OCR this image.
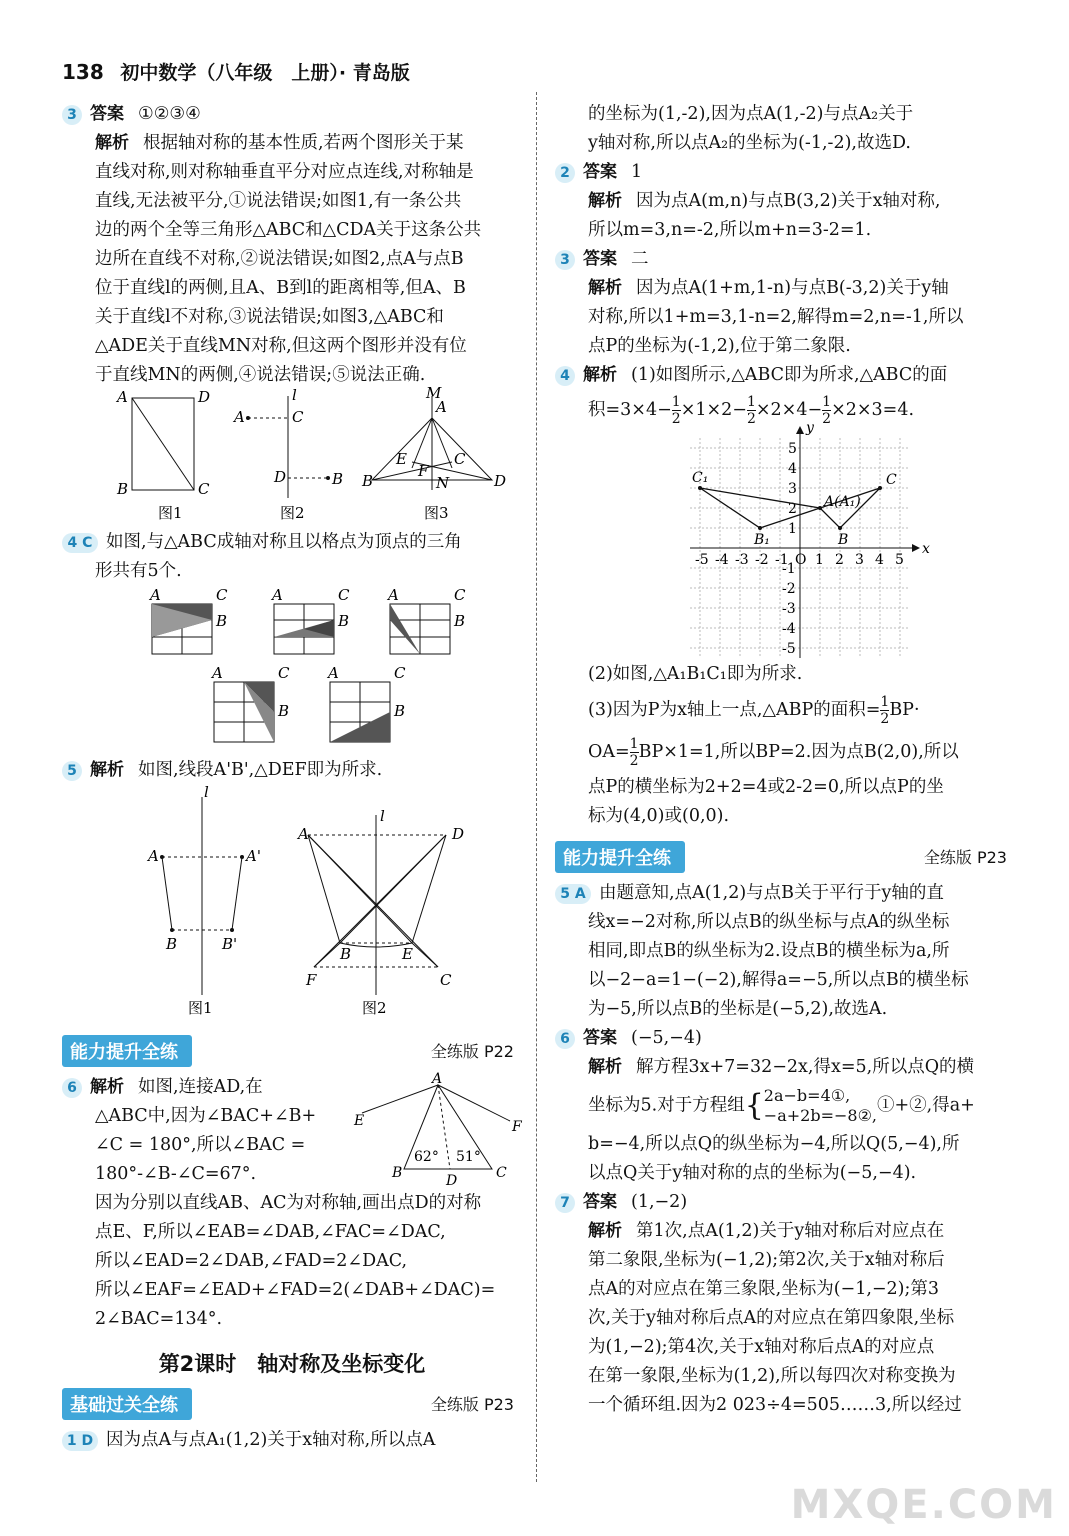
138 初中数学（八年级　上册）· 青岛版

3 答案 ①②③④

解析 根据轴对称的基本性质,若两个图形关于某

直线对称,则对称轴垂直平分对应点连线,对称轴是

直线,无法被平分,①说法错误;如图1,有一条公共

边的两个全等三角形△ABC和△CDA关于这条公共

边所在直线不对称,②说法错误;如图2,点A与点B

位于直线l的两侧,且A、B到l的距离相等,但A、B

关于直线l不对称,③说法错误;如图3,△ABC和

△ADE关于直线MN对称,但这两个图形并没有位

于直线MN的两侧,④说法错误;⑤说法正确.

A	D
B	C
l
A	C
D	B
M
A
B	D
E	C
F
N
图1	图2	图3

4 C 如图,与△ABC成轴对称且以格点为顶点的三角

形共有5个.

A	C
B
A	C
B
A	C
B
A	C
B
A	C
B

5 解析 如图,线段A'B',△DEF即为所求.

l
A	A'
B	B'
图1
l
A	D
B	E
F	C
图2
能力提升全练	全练版 P22

6 解析 如图,连接AD,在

△ABC中,因为∠BAC+∠B+

∠C = 180°,所以∠BAC =

180°-∠B-∠C=67°.

A
E	F
B	C
D
62° 51°

因为分别以直线AB、AC为对称轴,画出点D的对称

点E、F,所以∠EAB=∠DAB,∠FAC=∠DAC,

所以∠EAD=2∠DAB,∠FAD=2∠DAC,

所以∠EAF=∠EAD+∠FAD=2(∠DAB+∠DAC)=

2∠BAC=134°.

第2课时　轴对称及坐标变化
基础过关全练	全练版 P23

1 D 因为点A与点A₁(1,2)关于x轴对称,所以点A

的坐标为(1,-2),因为点A(1,-2)与点A₂关于

y轴对称,所以点A₂的坐标为(-1,-2),故选D.

2 答案 1

解析 因为点A(m,n)与点B(3,2)关于x轴对称,

所以m=3,n=-2,所以m+n=3-2=1.

3 答案 二

解析 因为点A(1+m,1-n)与点B(-3,2)关于y轴

对称,所以1+m=3,1-n=2,解得m=2,n=-1,所以

点P的坐标为(-1,2),位于第二象限.

4 解析 (1)如图所示,△ABC即为所求,△ABC的面

积$=3\times 4- \frac{1}{2} \times 1\times 2- \frac{1}{2} \times 2\times 4- \frac{1}{2} \times 2\times 3=4$.

x
y
-5 -4 -3 -2 -1 O 1 2 3 4 5
5
4
3
2
1
-1
-2
-3
-4
-5
C₁
B₁
A(A₁)
B
C

(2)如图,△A₁B₁C₁即为所求.

(3)因为P为x轴上一点,△ABP的面积= $\frac{1}{2} BP\cdot$

$OA= \frac{1}{2} BP\times 1=1$,所以BP=2.因为点B(2,0),所以

点P的横坐标为2+2=4或2-2=0,所以点P的坐

标为(4,0)或(0,0).

能力提升全练	全练版 P23

5 A 由题意知,点A(1,2)与点B关于平行于y轴的直

线x=−2对称,所以点B的纵坐标与点A的纵坐标

相同,即点B的纵坐标为2.设点B的横坐标为a,所

以−2−a=1−(−2),解得a=−5,所以点B的横坐标

为−5,所以点B的坐标是(−5,2),故选A.

6 答案 (−5,−4)

解析 解方程3x+7=32−2x,得x=5,所以点Q的横

坐标为5.对于方程组{ 2a−b=4①,
−a+2b=−8②, ①+②,得a+

b=−4,所以点Q的纵坐标为−4,所以Q(5,−4),所

以点Q关于y轴对称的点的坐标为(−5,−4).

7 答案 (1,−2)

解析 第1次,点A(1,2)关于y轴对称后对应点在

第二象限,坐标为(−1,2);第2次,关于x轴对称后

点A的对应点在第三象限,坐标为(−1,−2);第3

次,关于y轴对称后点A的对应点在第四象限,坐标

为(1,−2);第4次,关于x轴对称后点A的对应点

在第一象限,坐标为(1,2),所以每四次对称变换为

一个循环组.因为2 023÷4=505……3,所以经过

MXQE.COM
